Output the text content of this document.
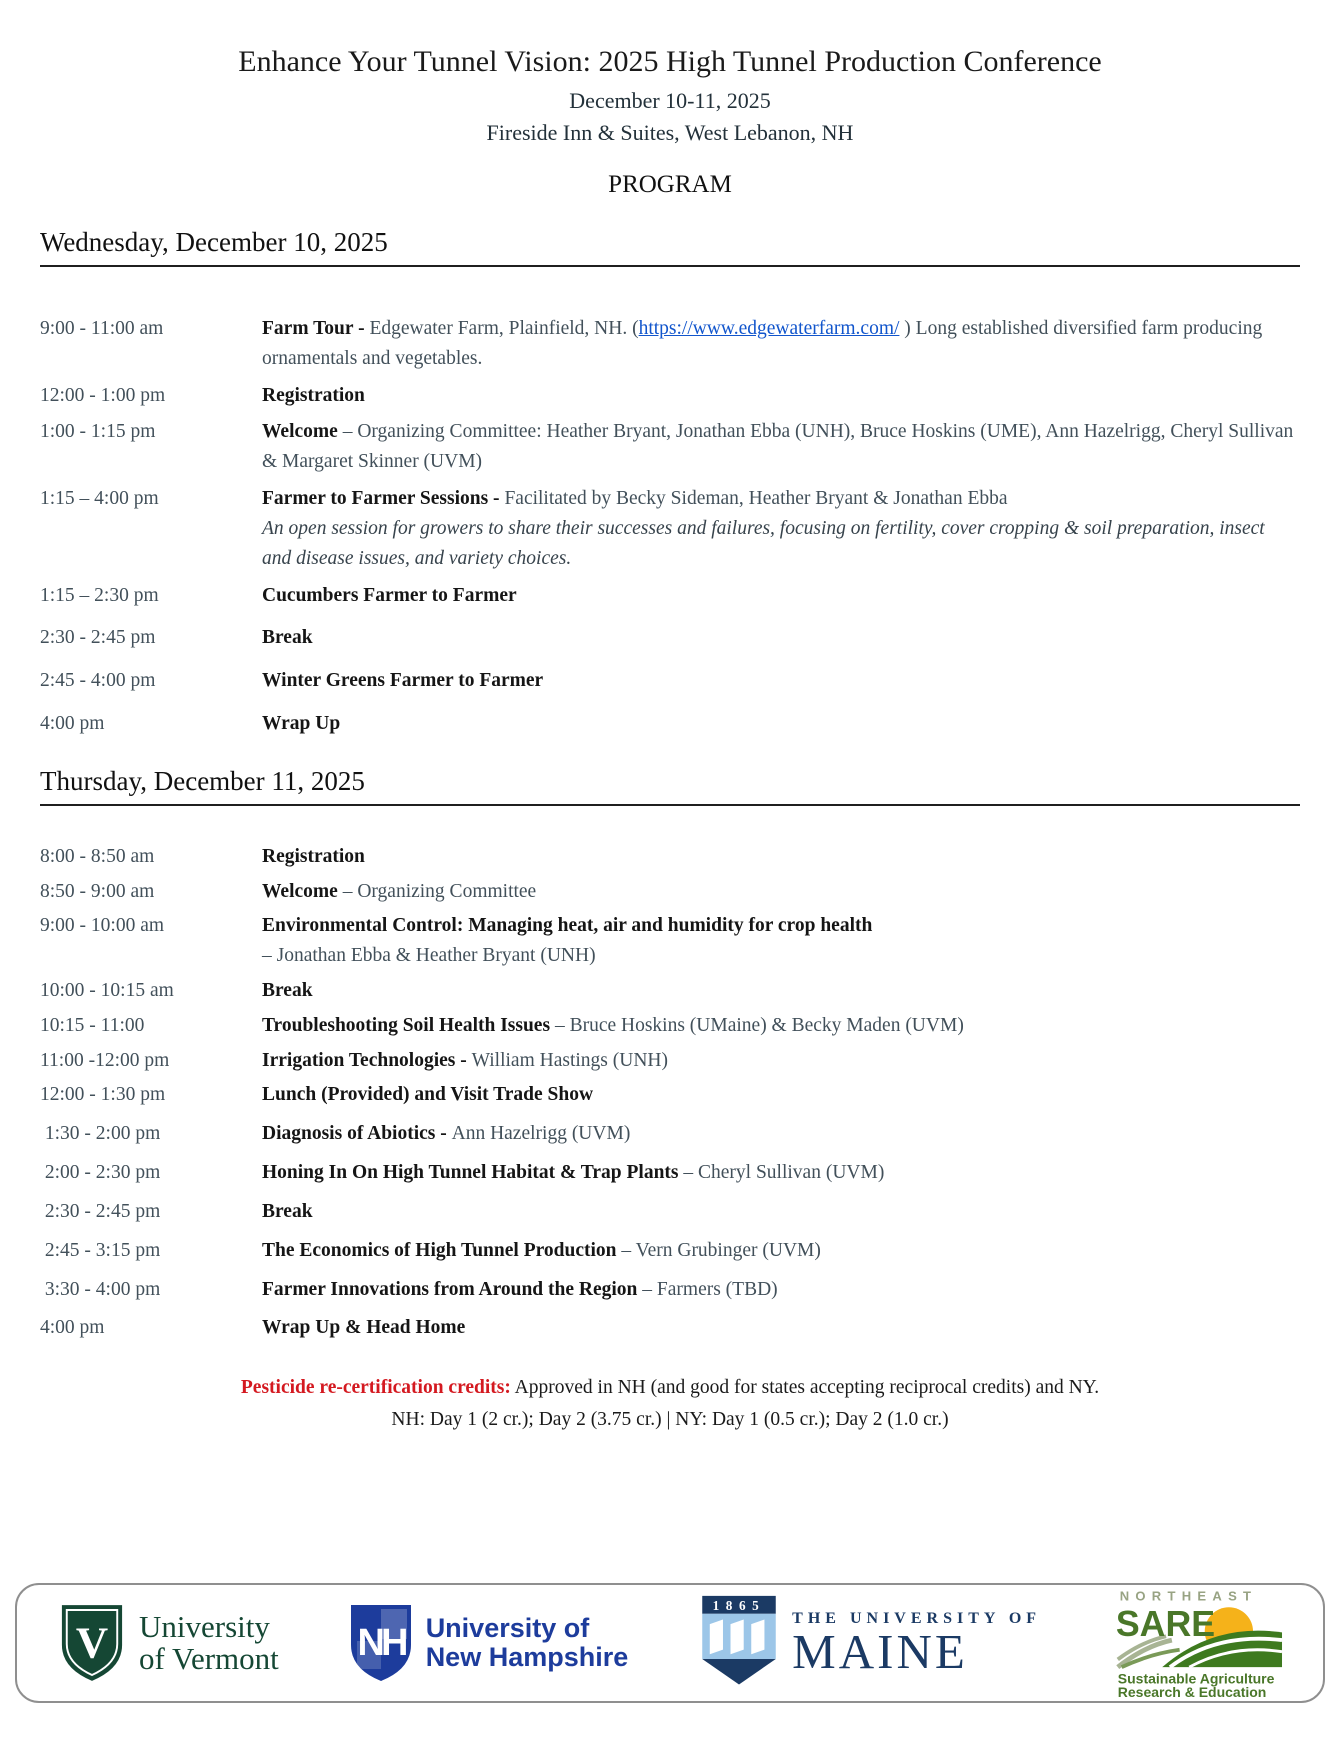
Enhance Your Tunnel Vision: 2025 High Tunnel Production Conference
December 10-11, 2025
Fireside Inn & Suites, West Lebanon, NH
PROGRAM
Wednesday, December 10, 2025
9:00 - 11:00 am	Farm Tour - Edgewater Farm, Plainfield, NH. (https://www.edgewaterfarm.com/ ) Long established diversified farm producing ornamentals and vegetables.
12:00 - 1:00 pm	Registration
1:00 - 1:15 pm	Welcome – Organizing Committee: Heather Bryant, Jonathan Ebba (UNH), Bruce Hoskins (UME), Ann Hazelrigg, Cheryl Sullivan & Margaret Skinner (UVM)
1:15 – 4:00 pm	Farmer to Farmer Sessions - Facilitated by Becky Sideman, Heather Bryant & Jonathan Ebba
An open session for growers to share their successes and failures, focusing on fertility, cover cropping & soil preparation, insect and disease issues, and variety choices.
1:15 – 2:30 pm	Cucumbers Farmer to Farmer
2:30 - 2:45 pm	Break
2:45 - 4:00 pm	Winter Greens Farmer to Farmer
4:00 pm	Wrap Up
Thursday, December 11, 2025
8:00 - 8:50 am	Registration
8:50 - 9:00 am	Welcome – Organizing Committee
9:00 - 10:00 am	Environmental Control: Managing heat, air and humidity for crop health
– Jonathan Ebba & Heather Bryant (UNH)
10:00 - 10:15 am	Break
10:15 - 11:00	Troubleshooting Soil Health Issues – Bruce Hoskins (UMaine) & Becky Maden (UVM)
11:00 -12:00 pm	Irrigation Technologies - William Hastings (UNH)
12:00 - 1:30 pm	Lunch (Provided) and Visit Trade Show
1:30 - 2:00 pm	Diagnosis of Abiotics - Ann Hazelrigg (UVM)
2:00 - 2:30 pm	Honing In On High Tunnel Habitat & Trap Plants – Cheryl Sullivan (UVM)
2:30 - 2:45 pm	Break
2:45 - 3:15 pm	The Economics of High Tunnel Production – Vern Grubinger (UVM)
3:30 - 4:00 pm	Farmer Innovations from Around the Region – Farmers (TBD)
4:00 pm	Wrap Up & Head Home
Pesticide re-certification credits: Approved in NH (and good for states accepting reciprocal credits) and NY.
NH: Day 1 (2 cr.); Day 2 (3.75 cr.) | NY: Day 1 (0.5 cr.); Day 2 (1.0 cr.)
V University
of Vermont NH University of
New Hampshire
1865
THE UNIVERSITY OF
MAINE
NORTHEAST
SARE
Sustainable Agriculture
Research & Education
